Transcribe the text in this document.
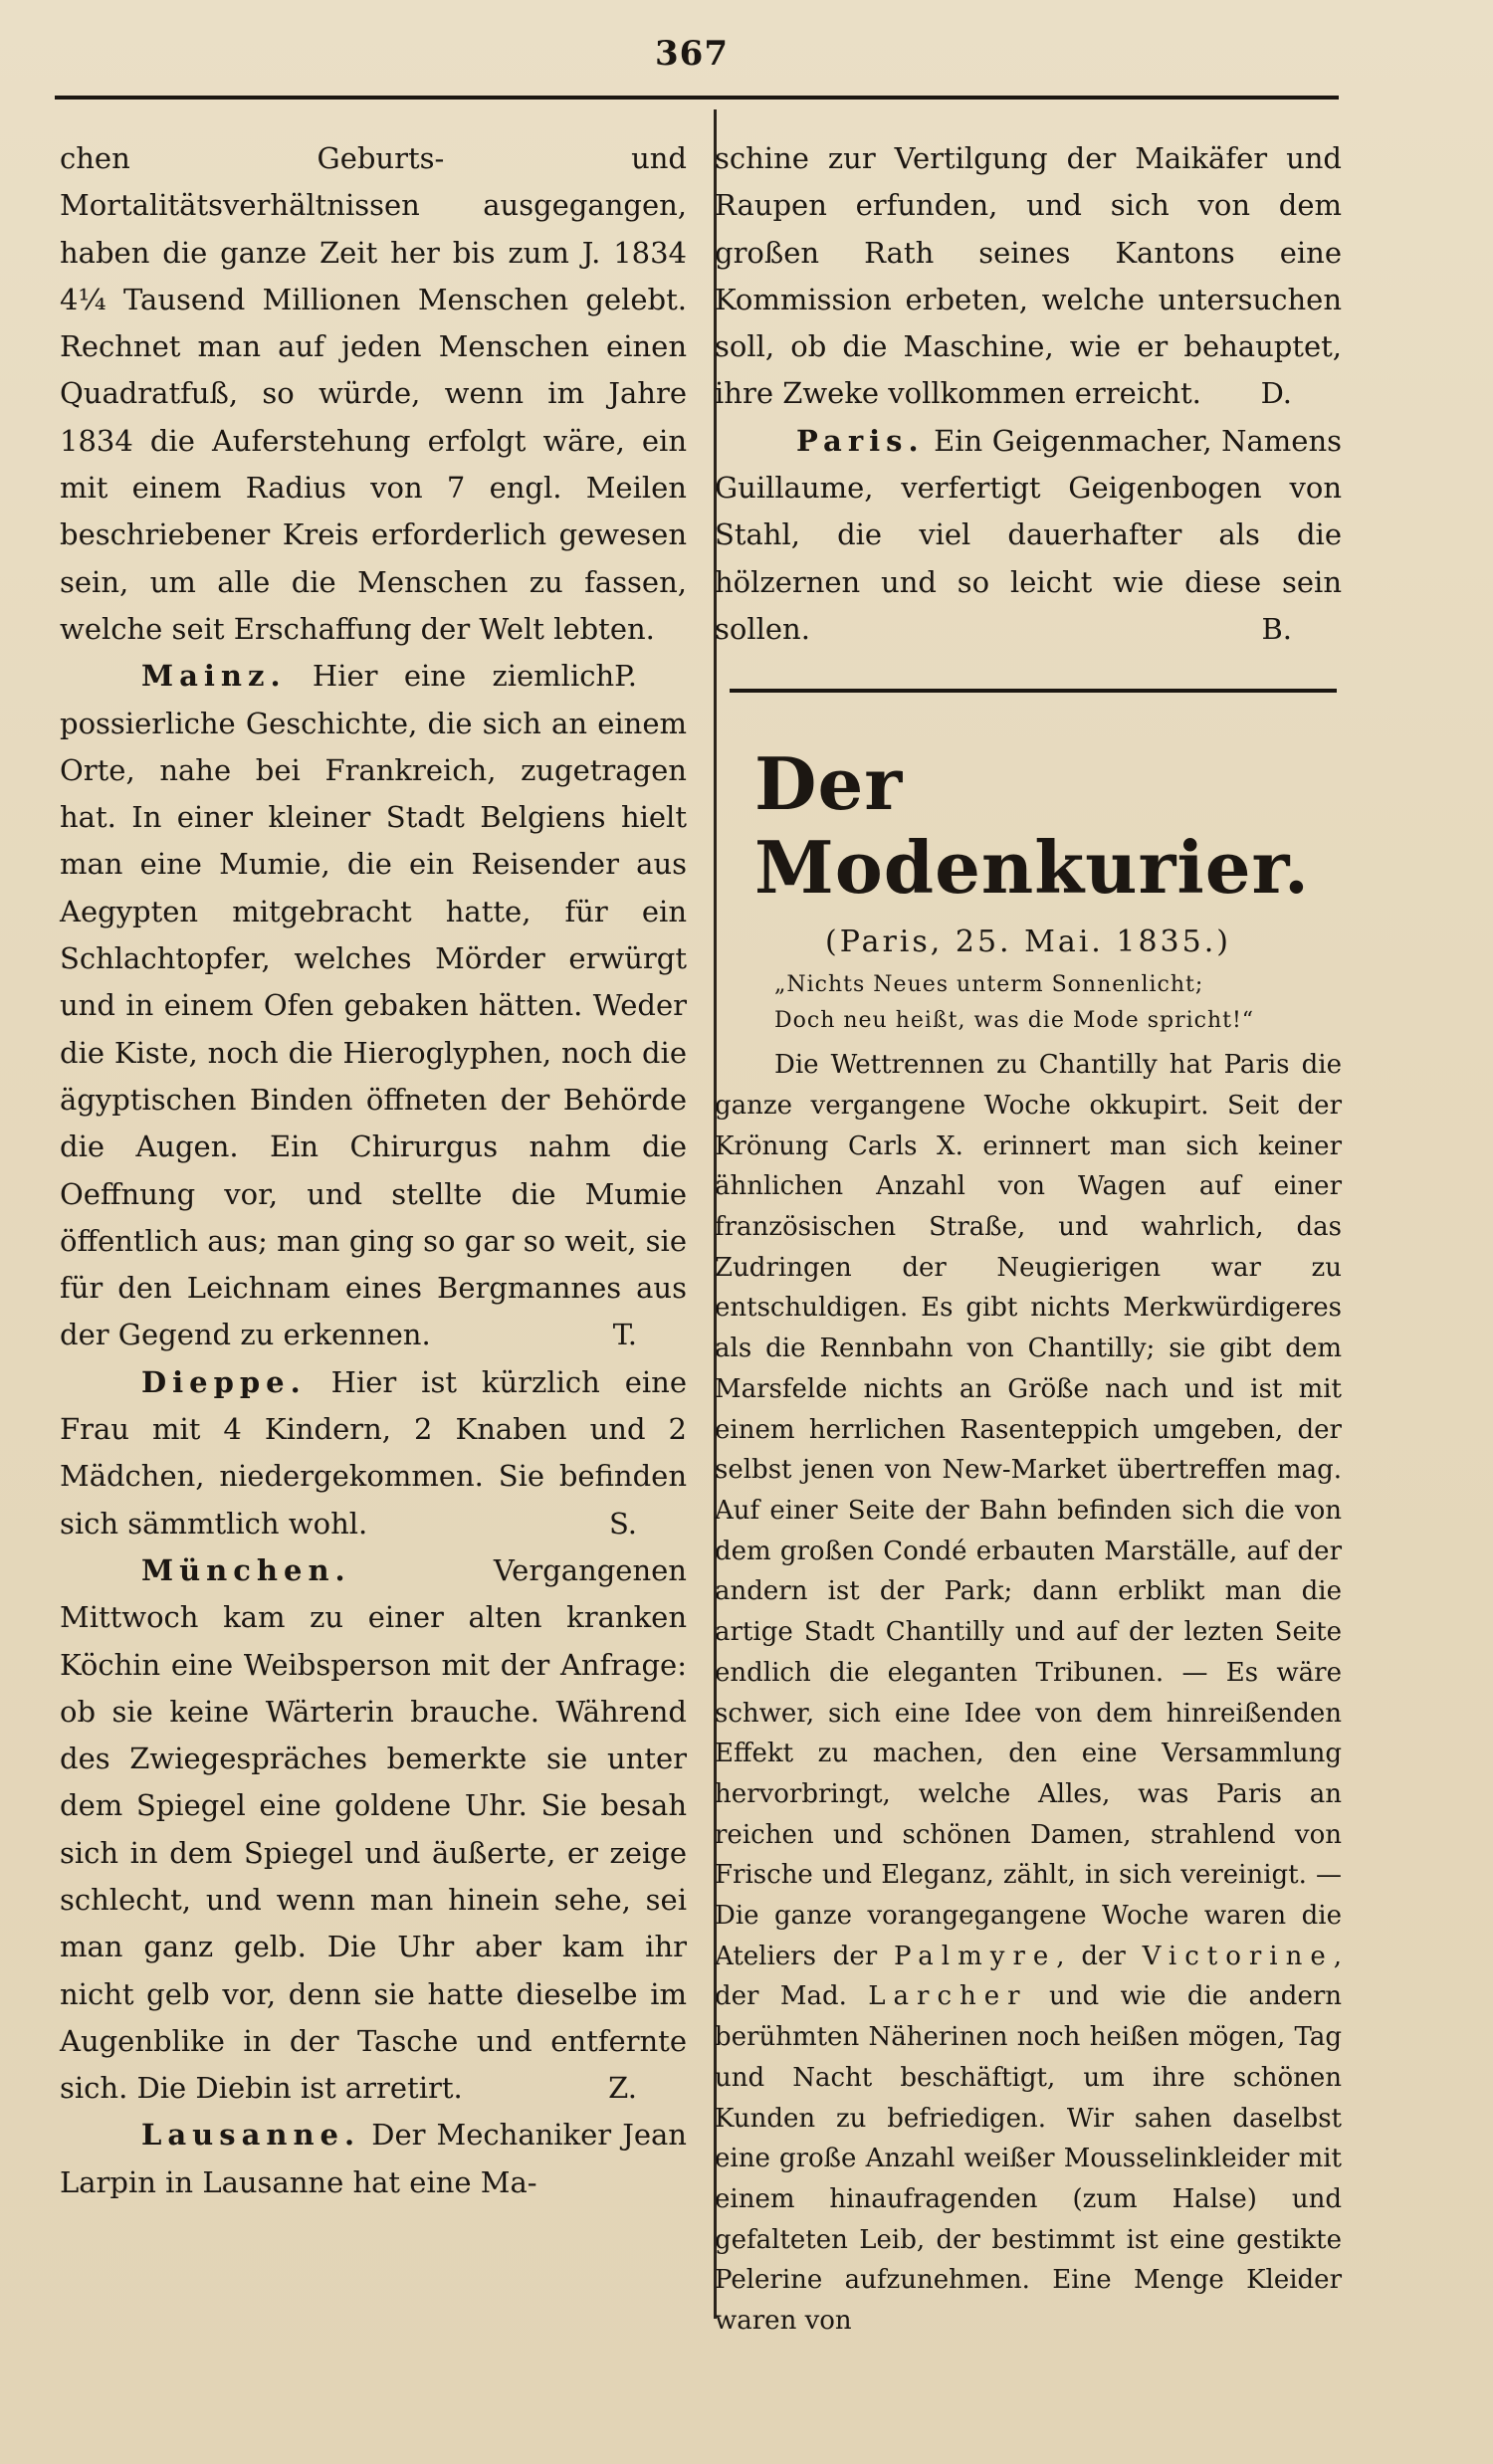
367

chen Geburts- und Mortalitätsverhältnissen ausgegangen, haben die ganze Zeit her bis zum J. 1834 4¼ Tausend Millionen Menschen gelebt. Rechnet man auf jeden Menschen einen Quadratfuß, so würde, wenn im Jahre 1834 die Auferstehung erfolgt wäre, ein mit einem Radius von 7 engl. Meilen beschriebener Kreis erforderlich gewesen sein, um alle die Menschen zu fassen, welche seit Erschaffung der Welt lebten.
P.

Mainz. Hier eine ziemlich possierliche Geschichte, die sich an einem Orte, nahe bei Frankreich, zugetragen hat. In einer kleiner Stadt Belgiens hielt man eine Mumie, die ein Reisender aus Aegypten mitgebracht hatte, für ein Schlachtopfer, welches Mörder erwürgt und in einem Ofen gebaken hätten. Weder die Kiste, noch die Hieroglyphen, noch die ägyptischen Binden öffneten der Behörde die Augen. Ein Chirurgus nahm die Oeffnung vor, und stellte die Mumie öffentlich aus; man ging so gar so weit, sie für den Leichnam eines Bergmannes aus der Gegend zu erkennen.	T.

Dieppe. Hier ist kürzlich eine Frau mit 4 Kindern, 2 Knaben und 2 Mädchen, niedergekommen. Sie befinden sich sämmtlich wohl.	S.

München.	Vergangenen Mittwoch kam zu einer alten kranken Köchin eine Weibsperson mit der Anfrage: ob sie keine Wärterin brauche. Während des Zwiegespräches bemerkte sie unter dem Spiegel eine goldene Uhr. Sie besah sich in dem Spiegel und äußerte, er zeige schlecht, und wenn man hinein sehe, sei man ganz gelb. Die Uhr aber kam ihr nicht gelb vor, denn sie hatte dieselbe im Augenblike in der Tasche und entfernte sich. Die Diebin ist arretirt.	Z.

Lausanne. Der Mechaniker Jean Larpin in Lausanne hat eine Ma-

schine zur Vertilgung der Maikäfer und Raupen erfunden, und sich von dem großen Rath seines Kantons eine Kommission erbeten, welche untersuchen soll, ob die Maschine, wie er behauptet, ihre Zweke vollkommen erreicht. D.

Paris. Ein Geigenmacher, Namens Guillaume, verfertigt Geigenbogen von Stahl, die viel dauerhafter als die hölzernen und so leicht wie diese sein sollen.	B.

Der Modenkurier.
(Paris, 25. Mai. 1835.)
„Nichts Neues unterm Sonnenlicht;
Doch neu heißt, was die Mode spricht!“

Die Wettrennen zu Chantilly hat Paris die ganze vergangene Woche okkupirt. Seit der Krönung Carls X. erinnert man sich keiner ähnlichen Anzahl von Wagen auf einer französischen Straße, und wahrlich, das Zudringen der Neugierigen war zu entschuldigen. Es gibt nichts Merkwürdigeres als die Rennbahn von Chantilly; sie gibt dem Marsfelde nichts an Größe nach und ist mit einem herrlichen Rasenteppich umgeben, der selbst jenen von New-Market übertreffen mag. Auf einer Seite der Bahn befinden sich die von dem großen Condé erbauten Marställe, auf der andern ist der Park; dann erblikt man die artige Stadt Chantilly und auf der lezten Seite endlich die eleganten Tribunen. — Es wäre schwer, sich eine Idee von dem hinreißenden Effekt zu machen, den eine Versammlung hervorbringt, welche Alles, was Paris an reichen und schönen Damen, strahlend von Frische und Eleganz, zählt, in sich vereinigt. — Die ganze vorangegangene Woche waren die Ateliers der Palmyre, der Victorine, der Mad. Larcher und wie die andern berühmten Näherinen noch heißen mögen, Tag und Nacht beschäftigt, um ihre schönen Kunden zu befriedigen. Wir sahen daselbst eine große Anzahl weißer Mousselinkleider mit einem hinaufragenden (zum Halse) und gefalteten Leib, der bestimmt ist eine gestikte Pelerine aufzunehmen. Eine Menge Kleider waren von
